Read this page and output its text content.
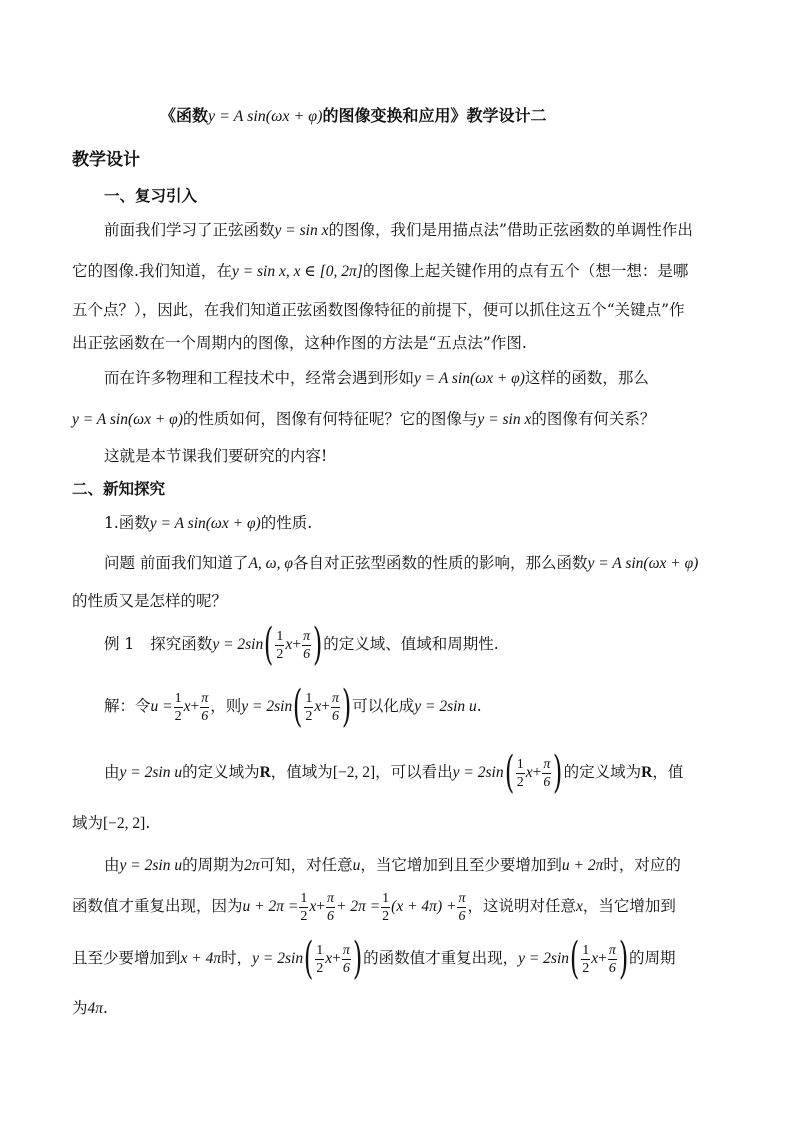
《函数y = A sin(ωx + φ)的图像变换和应用》教学设计二
教学设计
一、复习引入
前面我们学习了正弦函数y = sin x的图像，我们是用描点法”借助正弦函数的单调性作出
它的图像.我们知道，在y = sin x, x ∈ [0, 2π]的图像上起关键作用的点有五个（想一想：是哪
五个点？），因此，在我们知道正弦函数图像特征的前提下，便可以抓住这五个“关键点”作
出正弦函数在一个周期内的图像，这种作图的方法是“五点法”作图.
而在许多物理和工程技术中，经常会遇到形如y = A sin(ωx + φ)这样的函数，那么
y = A sin(ωx + φ)的性质如何，图像有何特征呢？它的图像与y = sin x的图像有何关系？
这就是本节课我们要研究的内容!
二、新知探究
1.函数y = A sin(ωx + φ)的性质.
问题 前面我们知道了A, ω, φ各自对正弦型函数的性质的影响，那么函数y = A sin(ωx + φ)
的性质又是怎样的呢？
例 1 探究函数$y = 2\sin( \frac{1}{2} x+ \frac{\pi}{6}$ )的定义域、值域和周期性.
解：令$u = \frac{1}{2} x+ \frac{\pi}{6}$ ，则$y = 2\sin( \frac{1}{2} x+ \frac{\pi}{6}$ )可以化成y = 2sin u.
由y = 2sin u的定义域为R，值域为[−2, 2]，可以看出$y = 2\sin( \frac{1}{2} x+ \frac{\pi}{6}$ )的定义域为R，值
域为[−2, 2].
由y = 2sin u的周期为2π可知，对任意u，当它增加到且至少要增加到u + 2π时，对应的
函数值才重复出现，因为$u + 2\pi = \frac{1}{2} x+ \frac{\pi}{6} + 2\pi = \frac{1}{2} (x + 4\pi) + \frac{\pi}{6}$ ，这说明对任意x，当它增加到
且至少要增加到x + 4π时，$y = 2\sin( \frac{1}{2} x+ \frac{\pi}{6}$ )的函数值才重复出现，$y = 2\sin( \frac{1}{2} x+ \frac{\pi}{6}$ )的周期
为4π.
